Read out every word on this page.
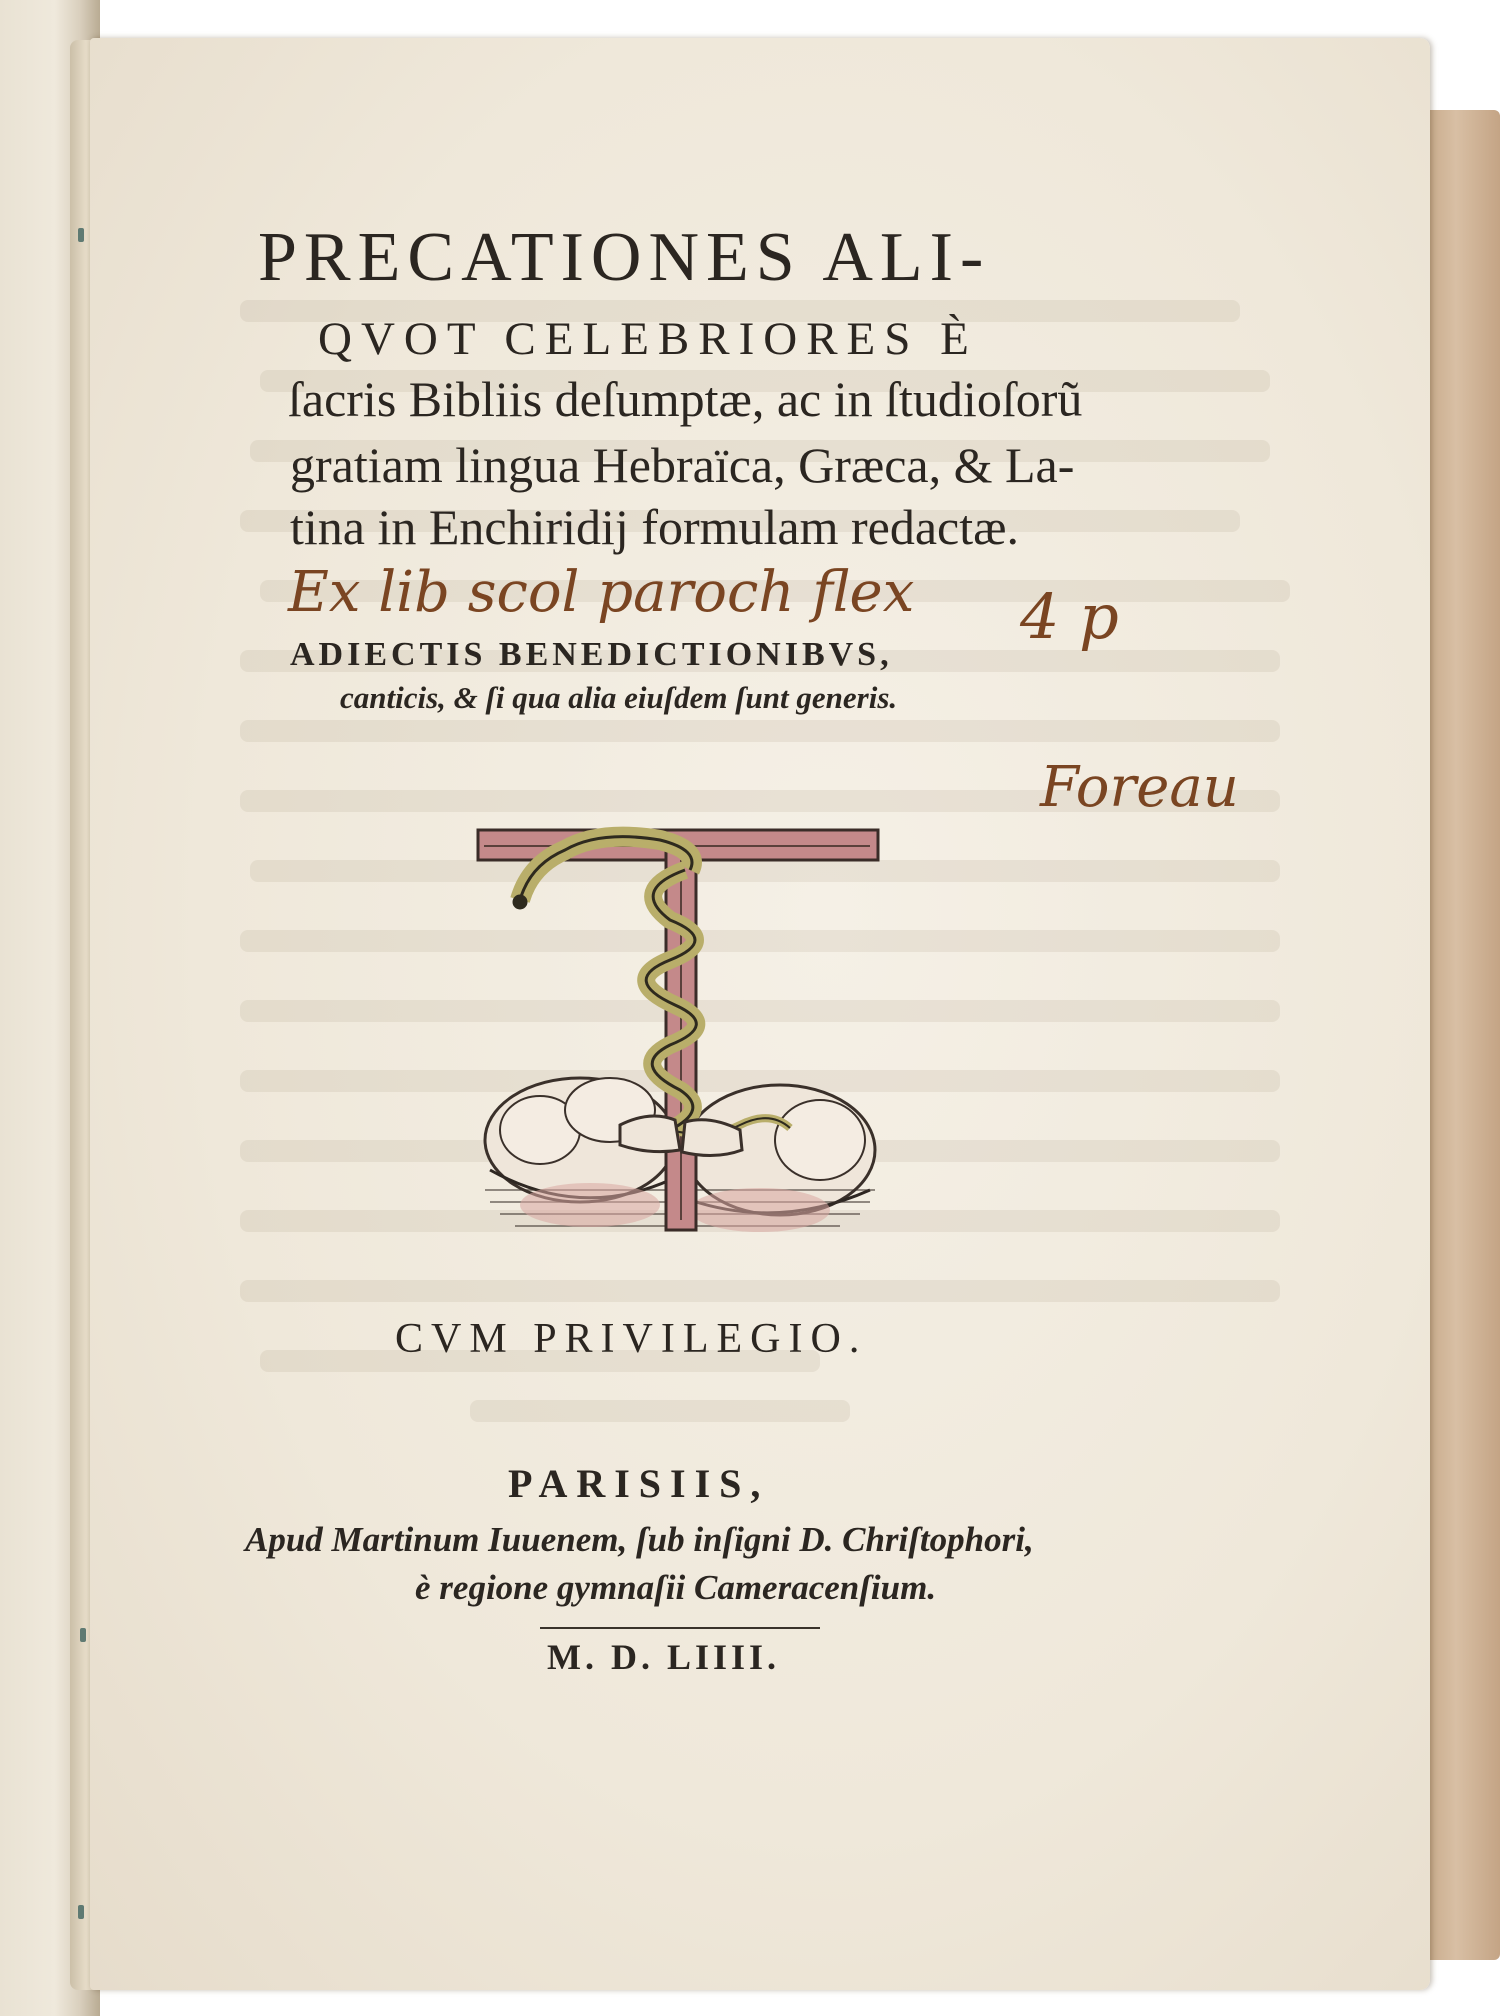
PRECATIONES ALI-
QVOT CELEBRIORES È
ſacris Bibliis deſumptæ, ac in ſtudioſorũ
gratiam lingua Hebraïca, Græca, & La-
tina in Enchiridij formulam redactæ.
Ex lib scol paroch flex 4 p
Foreau
ADIECTIS BENEDICTIONIBVS,
canticis, & ſi qua alia eiuſdem ſunt generis.
CVM PRIVILEGIO.
PARISIIS,
Apud Martinum Iuuenem, ſub inſigni D. Chriſtophori,
è regione gymnaſii Cameracenſium.
M. D. LIIII.
